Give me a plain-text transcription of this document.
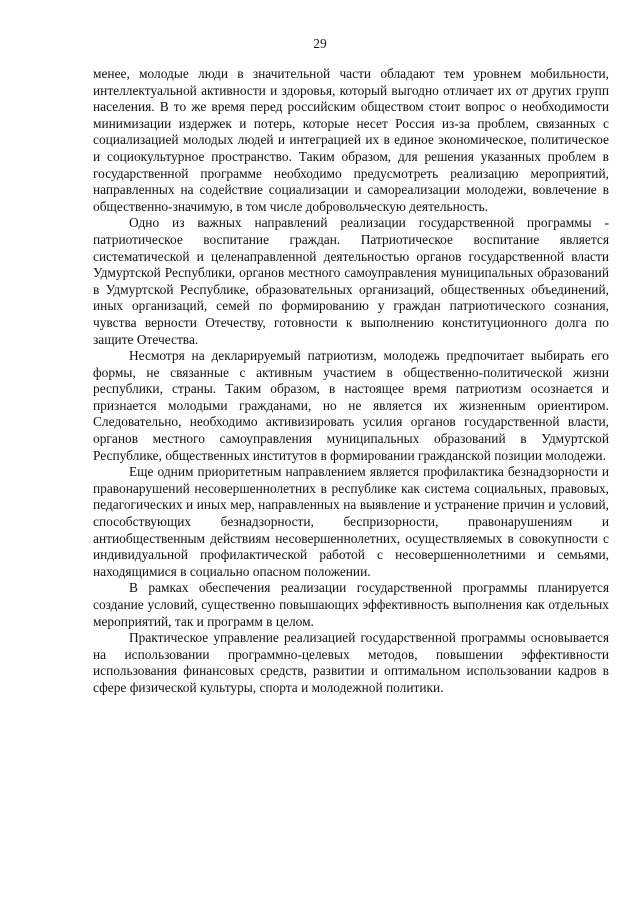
29

менее, молодые люди в значительной части обладают тем уровнем мобильности, интеллектуальной активности и здоровья, который выгодно отличает их от других групп населения. В то же время перед российским обществом стоит вопрос о необходимости минимизации издержек и потерь, которые несет Россия из-за проблем, связанных с социализацией молодых людей и интеграцией их в единое экономическое, политическое и социокультурное пространство. Таким образом, для решения указанных проблем в государственной программе необходимо предусмотреть реализацию мероприятий, направленных на содействие социализации и самореализации молодежи, вовлечение в общественно-значимую, в том числе добровольческую деятельность.

Одно из важных направлений реализации государственной программы - патриотическое воспитание граждан. Патриотическое воспитание является систематической и целенаправленной деятельностью органов государственной власти Удмуртской Республики, органов местного самоуправления муниципальных образований в Удмуртской Республике, образовательных организаций, общественных объединений, иных организаций, семей по формированию у граждан патриотического сознания, чувства верности Отечеству, готовности к выполнению конституционного долга по защите Отечества.

Несмотря на декларируемый патриотизм, молодежь предпочитает выбирать его формы, не связанные с активным участием в общественно-политической жизни республики, страны. Таким образом, в настоящее время патриотизм осознается и признается молодыми гражданами, но не является их жизненным ориентиром. Следовательно, необходимо активизировать усилия органов государственной власти, органов местного самоуправления муниципальных образований в Удмуртской Республике, общественных институтов в формировании гражданской позиции молодежи.

Еще одним приоритетным направлением является профилактика безнадзорности и правонарушений несовершеннолетних в республике как система социальных, правовых, педагогических и иных мер, направленных на выявление и устранение причин и условий, способствующих безнадзорности, беспризорности, правонарушениям и антиобщественным действиям несовершеннолетних, осуществляемых в совокупности с индивидуальной профилактической работой с несовершеннолетними и семьями, находящимися в социально опасном положении.

В рамках обеспечения реализации государственной программы планируется создание условий, существенно повышающих эффективность выполнения как отдельных мероприятий, так и программ в целом.

Практическое управление реализацией государственной программы основывается на использовании программно-целевых методов, повышении эффективности использования финансовых средств, развитии и оптимальном использовании кадров в сфере физической культуры, спорта и молодежной политики.
